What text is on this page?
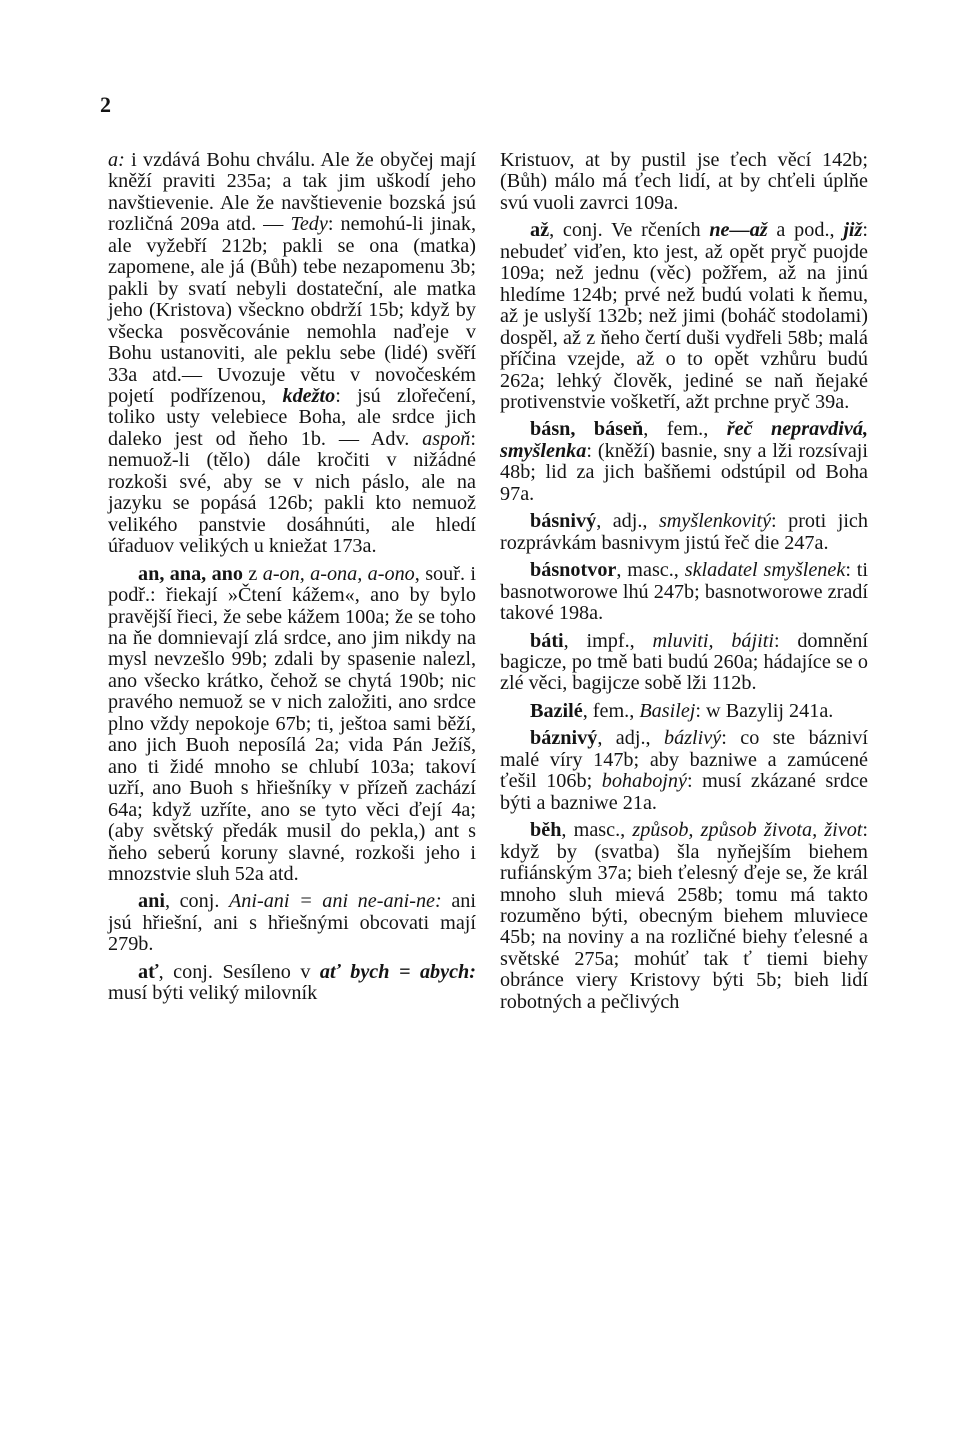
2

a: i vzdává Bohu chválu. Ale že obyčej mají kněží praviti 235a; a tak jim uškodí jeho navštievenie. Ale že navštievenie bozská jsú rozličná 209a atd. — Tedy: nemohú-li jinak, ale vyžebří 212b; pakli se ona (matka) zapomene, ale já (Bůh) tebe nezapomenu 3b; pakli by svatí nebyli dostateční, ale matka jeho (Kristova) všeckno obdrží 15b; když by všecka posvěcovánie nemohla naďeje v Bohu ustanoviti, ale peklu sebe (lidé) svěří 33a atd.— Uvozuje větu v novočeském pojetí podřízenou, kdežto: jsú zlořečení, toliko usty velebiece Boha, ale srdce jich daleko jest od ňeho 1b. — Adv. aspoň: nemuož-li (tělo) dále kročiti v nižádné rozkoši své, aby se v nich páslo, ale na jazyku se popásá 126b; pakli kto nemuož velikého panstvie dosáhnúti, ale hledí úřaduov velikých u kniežat 173a.

an, ana, ano z a-on, a-ona, a-ono, souř. i podř.: řiekají »Čtení kážem«, ano by bylo pravější řieci, že sebe kážem 100a; že se toho na ňe domnievají zlá srdce, ano jim nikdy na mysl nevzešlo 99b; zdali by spasenie nalezl, ano všecko krátko, čehož se chytá 190b; nic pravého nemuož se v nich založiti, ano srdce plno vždy nepokoje 67b; ti, ještoa sami běží, ano jich Buoh neposílá 2a; vida Pán Ježíš, ano ti židé mnoho se chlubí 103a; takoví uzří, ano Buoh s hřiešníky v přízeň zachází 64a; když uzříte, ano se tyto věci ďejí 4a; (aby světský předák musil do pekla,) ant s ňeho seberú koruny slavné, rozkoši jeho i mnozstvie sluh 52a atd.

ani, conj. Ani-ani = ani ne-ani-ne: ani jsú hřiešní, ani s hřiešnými obcovati mají 279b.

ať, conj. Sesíleno v ať bych = abych: musí býti veliký milovník

Kristuov, at by pustil jse ťech věcí 142b; (Bůh) málo má ťech lidí, at by chťeli úplňe svú vuoli zavrci 109a.

až, conj. Ve rčeních ne—až a pod., již: nebudeť viďen, kto jest, až opět pryč puojde 109a; než jednu (věc) požřem, až na jinú hledíme 124b; prvé než budú volati k ňemu, až je uslyší 132b; než jimi (boháč stodolami) dospěl, až z ňeho čertí duši vydřeli 58b; malá příčina vzejde, až o to opět vzhůru budú 262a; lehký člověk, jediné se naň ňejaké protivenstvie vošketří, ažt prchne pryč 39a.

básn, báseň, fem., řeč nepravdivá, smyšlenka: (kněží) basnie, sny a lži rozsívaji 48b; lid za jich bašňemi odstúpil od Boha 97a.

básnivý, adj., smyšlenkovitý: proti jich rozprávkám basnivym jistú řeč die 247a.

básnotvor, masc., skladatel smyšlenek: ti basnotworowe lhú 247b; basnotworowe zradí takové 198a.

báti, impf., mluviti, bájiti: domnění bagicze, po tmě bati budú 260a; hádajíce se o zlé věci, bagijcze sobě lži 112b.

Bazilé, fem., Basilej: w Bazylij 241a.

báznivý, adj., bázlivý: co ste bázniví malé víry 147b; aby bazniwe a zamúcené ťešil 106b; bohabojný: musí zkázané srdce býti a bazniwe 21a.

běh, masc., způsob, způsob života, život: když by (svatba) šla nyňejším biehem rufiánským 37a; bieh ťelesný ďeje se, že král mnoho sluh mievá 258b; tomu má takto rozuměno býti, obecným biehem mluviece 45b; na noviny a na rozličné biehy ťelesné a světské 275a; mohúť tak ť tiemi biehy obránce viery Kristovy býti 5b; bieh lidí robotných a pečlivých
